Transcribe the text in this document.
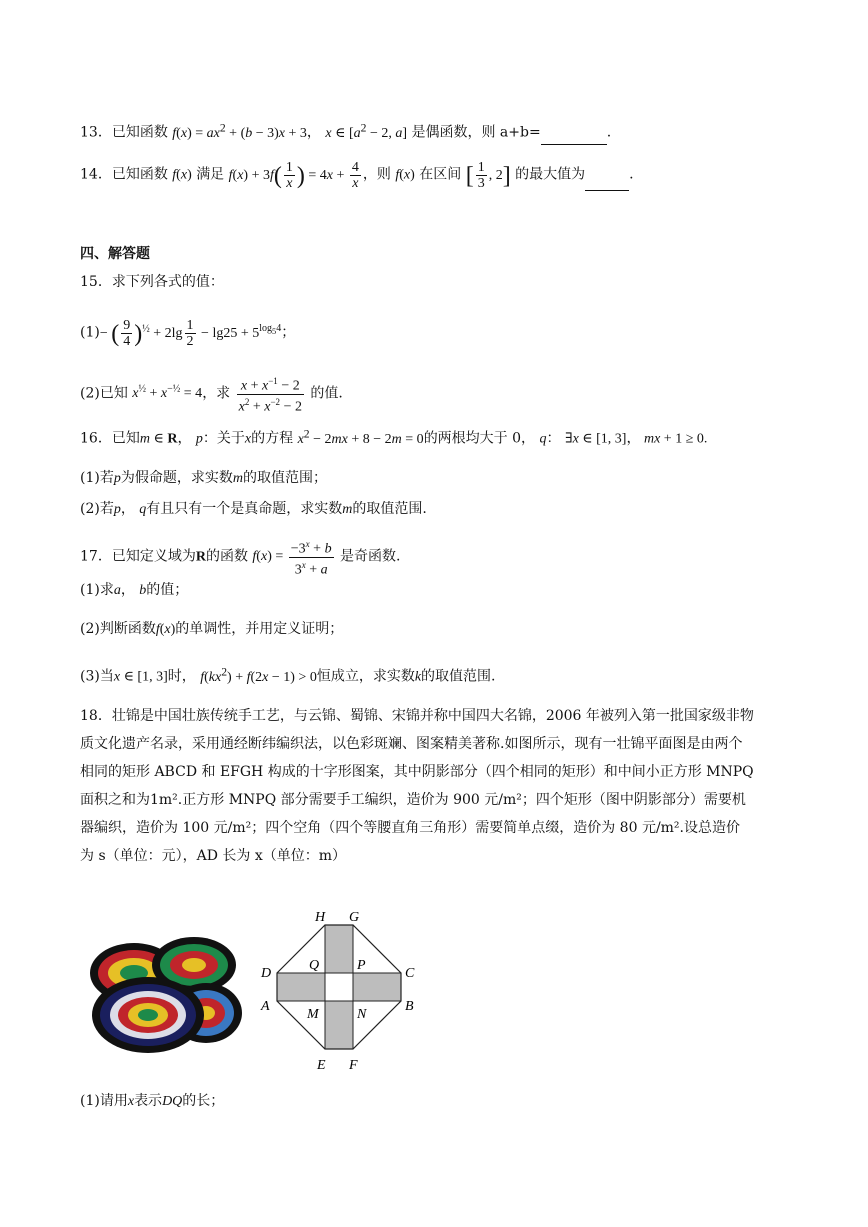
13．已知函数 $f(x) = ax^2 + (b - 3)x + 3$， x ∈ [$a^2 - 2$, a] 是偶函数，则 a+b=	.
14．已知函数 f(x) 满足 $f(x) + 3f( \frac{1}{x}$ ) = $4x + \frac{4}{x}$ ，则 f(x) 在区间 [ $\frac{1}{3}$ , 2] 的最大值为	.
四、解答题
15．求下列各式的值：
(1)− ( $\frac{9}{4} )^{\frac{1}{2}} + 2\lg \frac{1}{2} - \lg 25 + 5^{log_54}$；
(2)已知 $x^{\frac{1}{2}} + x^{-\frac{1}{2}} = 4$，求 $\frac{x + x^{-1} - 2}{x^2 + x^{-2} - 2}$ 的值.
16．已知m ∈ R， p：关于x的方程 $x^2 - 2mx + 8 - 2m = 0$的两根均大于 0， q： ∃x ∈ [1, 3]， mx + 1 ≥ 0.
(1)若p为假命题，求实数m的取值范围；
(2)若p， q有且只有一个是真命题，求实数m的取值范围.
17．已知定义域为R的函数 $f(x) = \frac{-3^x + b}{3^x + a}$ 是奇函数.
(1)求a， b的值；
(2)判断函数f(x)的单调性，并用定义证明；
(3)当x ∈ [1, 3]时， $f(kx^2) + f(2x - 1) > 0$恒成立，求实数k的取值范围.
18．壮锦是中国壮族传统手工艺，与云锦、蜀锦、宋锦并称中国四大名锦，2006 年被列入第一批国家级非物
质文化遗产名录，采用通经断纬编织法，以色彩斑斓、图案精美著称.如图所示，现有一壮锦平面图是由两个
相同的矩形 ABCD 和 EFGH 构成的十字形图案，其中阴影部分（四个相同的矩形）和中间小正方形 MNPQ
面积之和为1m².正方形 MNPQ 部分需要手工编织，造价为 900 元/m²；四个矩形（图中阴影部分）需要机
器编织，造价为 100 元/m²；四个空角（四个等腰直角三角形）需要简单点缀，造价为 80 元/m².设总造价
为 s（单位：元），AD 长为 x（单位：m）
H G
D
Q	P
C
A
M	N
B
E F
(1)请用x表示DQ的长；
